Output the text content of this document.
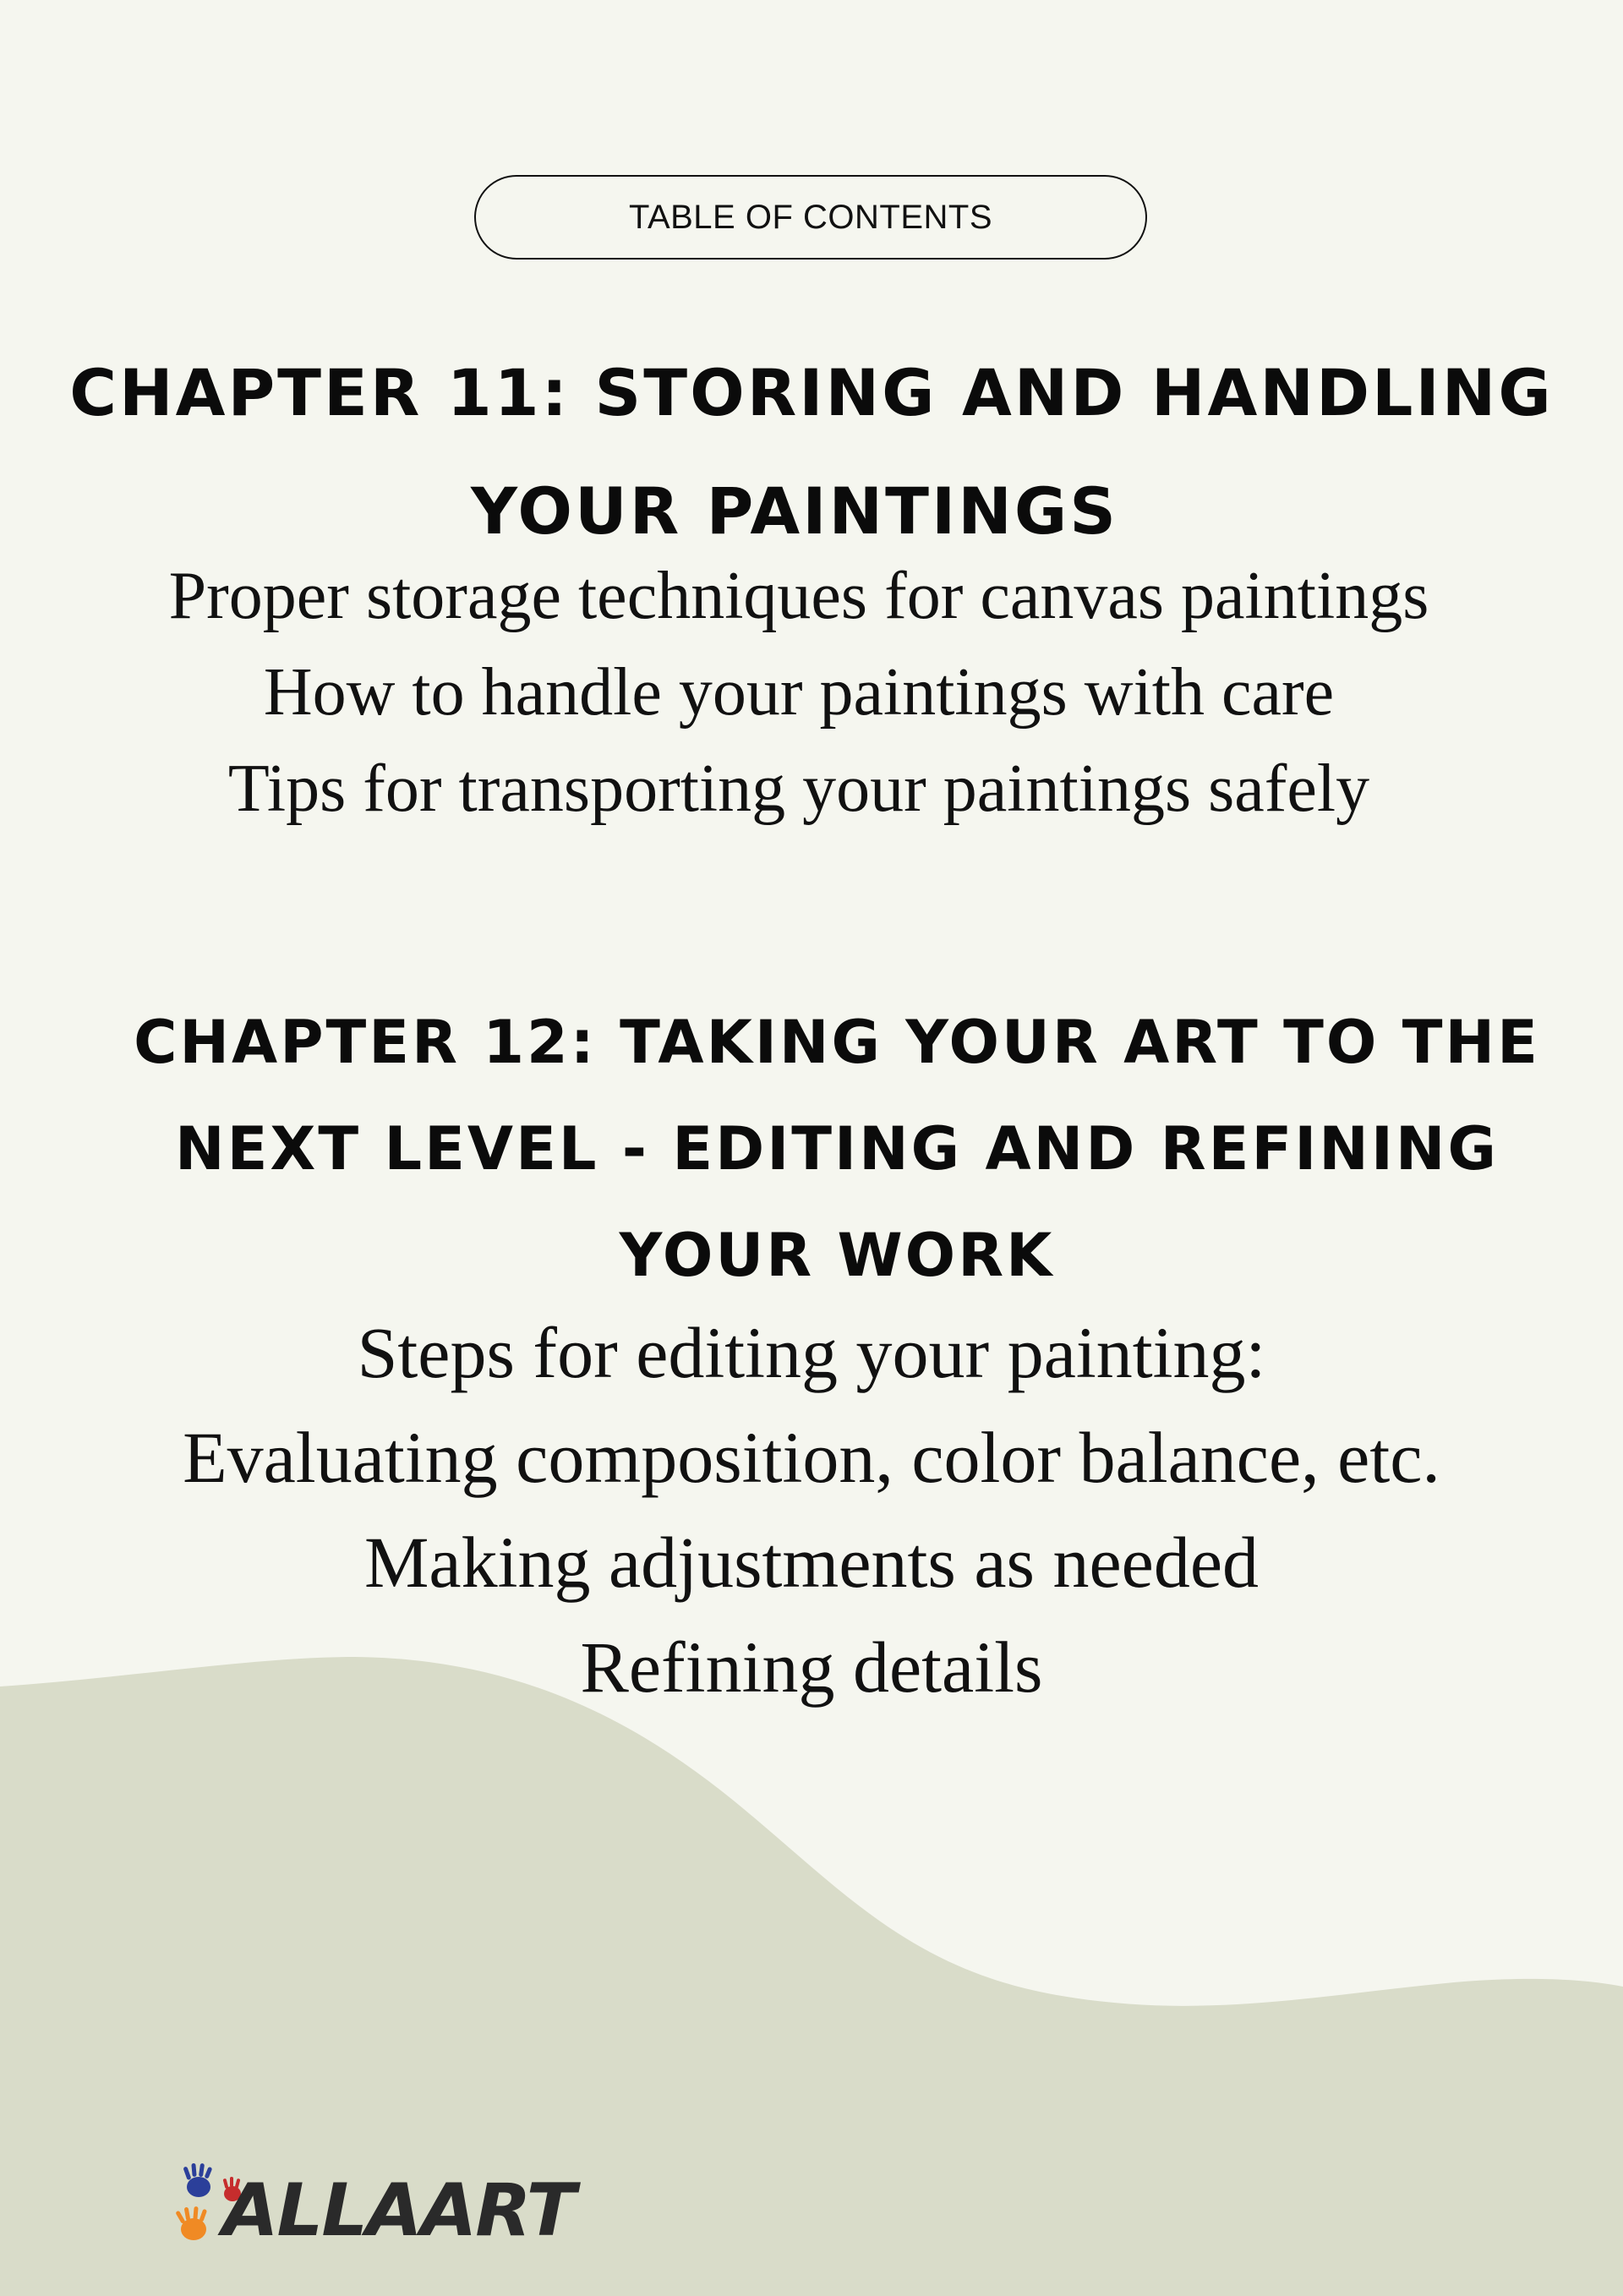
TABLE OF CONTENTS
CHAPTER 11: STORING AND HANDLING
YOUR PAINTINGS
Proper storage techniques for canvas paintings
How to handle your paintings with care
Tips for transporting your paintings safely
CHAPTER 12: TAKING YOUR ART TO THE
NEXT LEVEL - EDITING AND REFINING
YOUR WORK
Steps for editing your painting:
Evaluating composition, color balance, etc.
Making adjustments as needed
Refining details
ALLAART
